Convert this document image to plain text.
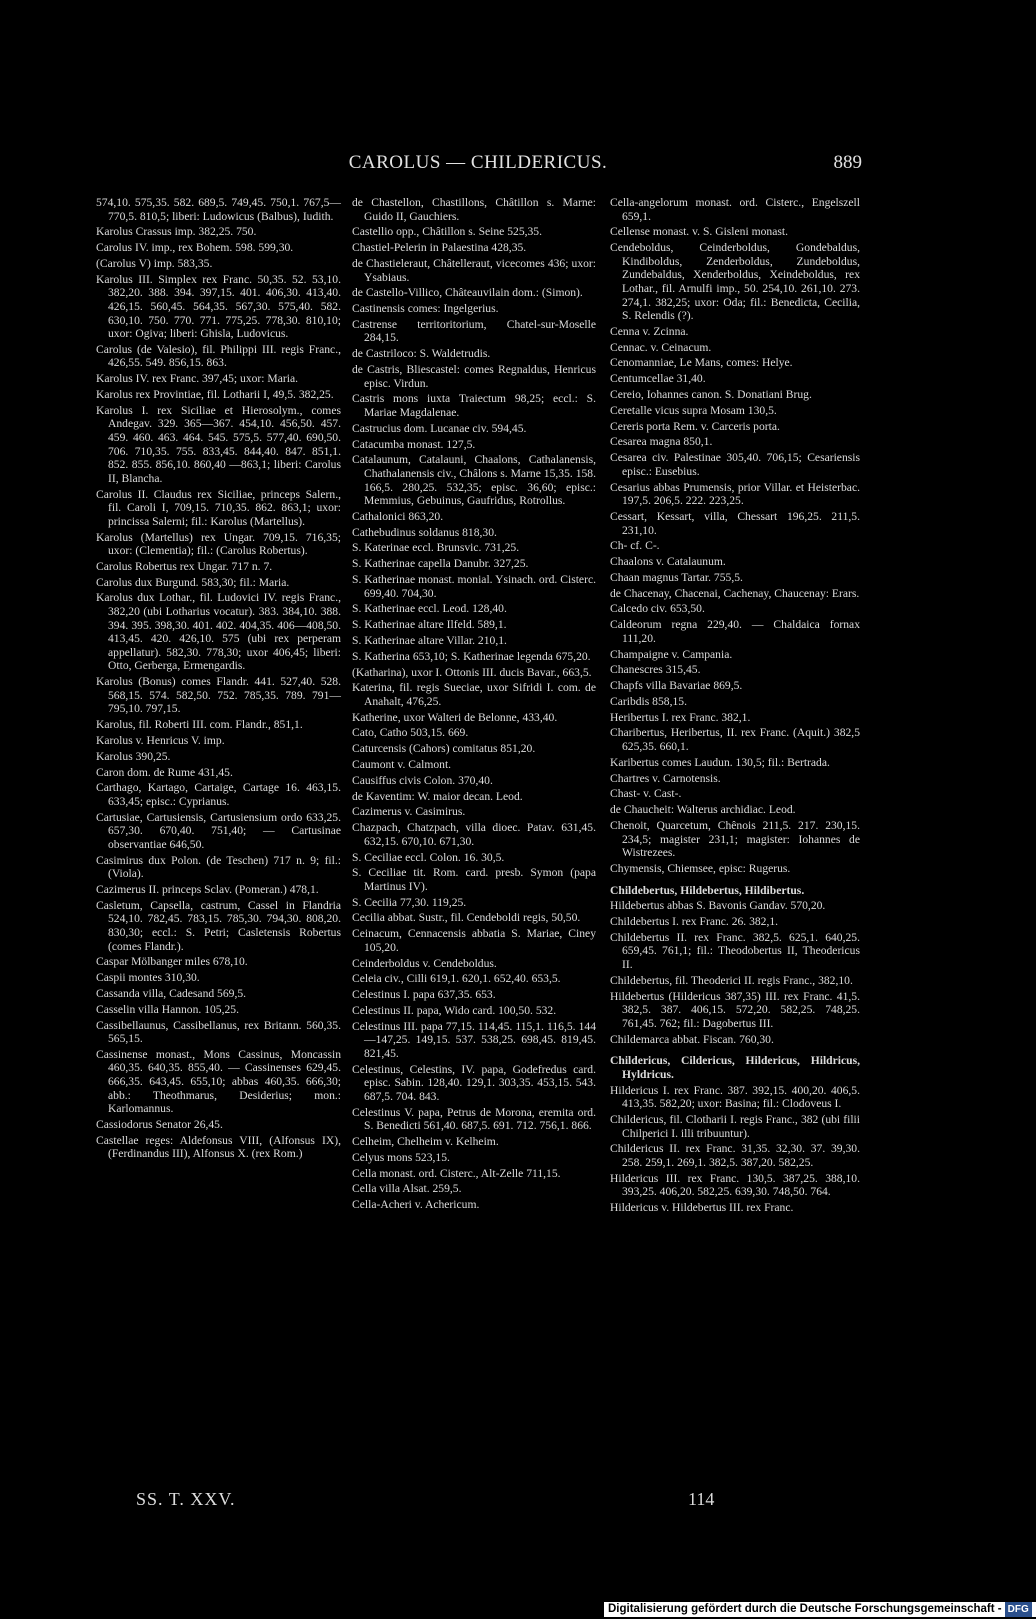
CAROLUS — CHILDERICUS.	889
574,10. 575,35. 582. 689,5. 749,45. 750,1. 767,5—770,5. 810,5; liberi: Ludowicus (Balbus), Iudith.
Karolus Crassus imp. 382,25. 750.
Carolus IV. imp., rex Bohem. 598. 599,30.
(Carolus V) imp. 583,35.
Karolus III. Simplex rex Franc. 50,35. 52. 53,10. 382,20. 388. 394. 397,15. 401. 406,30. 413,40. 426,15. 560,45. 564,35. 567,30. 575,40. 582. 630,10. 750. 770. 771. 775,25. 778,30. 810,10; uxor: Ogiva; liberi: Ghisla, Ludovicus.
Carolus (de Valesio), fil. Philippi III. regis Franc., 426,55. 549. 856,15. 863.
Karolus IV. rex Franc. 397,45; uxor: Maria.
Karolus rex Provintiae, fil. Lotharii I, 49,5. 382,25.
Karolus I. rex Siciliae et Hierosolym., comes Andegav. 329. 365—367. 454,10. 456,50. 457. 459. 460. 463. 464. 545. 575,5. 577,40. 690,50. 706. 710,35. 755. 833,45. 844,40. 847. 851,1. 852. 855. 856,10. 860,40 —863,1; liberi: Carolus II, Blancha.
Carolus II. Claudus rex Siciliae, princeps Salern., fil. Caroli I, 709,15. 710,35. 862. 863,1; uxor: princissa Salerni; fil.: Karolus (Martellus).
Karolus (Martellus) rex Ungar. 709,15. 716,35; uxor: (Clementia); fil.: (Carolus Robertus).
Carolus Robertus rex Ungar. 717 n. 7.
Carolus dux Burgund. 583,30; fil.: Maria.
Karolus dux Lothar., fil. Ludovici IV. regis Franc., 382,20 (ubi Lotharius vocatur). 383. 384,10. 388. 394. 395. 398,30. 401. 402. 404,35. 406—408,50. 413,45. 420. 426,10. 575 (ubi rex perperam appellatur). 582,30. 778,30; uxor 406,45; liberi: Otto, Gerberga, Ermengardis.
Karolus (Bonus) comes Flandr. 441. 527,40. 528. 568,15. 574. 582,50. 752. 785,35. 789. 791—795,10. 797,15.
Karolus, fil. Roberti III. com. Flandr., 851,1.
Karolus v. Henricus V. imp.
Karolus 390,25.
Caron dom. de Rume 431,45.
Carthago, Kartago, Cartaige, Cartage 16. 463,15. 633,45; episc.: Cyprianus.
Cartusiae, Cartusiensis, Cartusiensium ordo 633,25. 657,30. 670,40. 751,40; — Cartusinae observantiae 646,50.
Casimirus dux Polon. (de Teschen) 717 n. 9; fil.: (Viola).
Cazimerus II. princeps Sclav. (Pomeran.) 478,1.
Casletum, Capsella, castrum, Cassel in Flandria 524,10. 782,45. 783,15. 785,30. 794,30. 808,20. 830,30; eccl.: S. Petri; Casletensis Robertus (comes Flandr.).
Caspar Mölbanger miles 678,10.
Caspii montes 310,30.
Cassanda villa, Cadesand 569,5.
Casselin villa Hannon. 105,25.
Cassibellaunus, Cassibellanus, rex Britann. 560,35. 565,15.
Cassinense monast., Mons Cassinus, Moncassin 460,35. 640,35. 855,40. — Cassinenses 629,45. 666,35. 643,45. 655,10; abbas 460,35. 666,30; abb.: Theothmarus, Desiderius; mon.: Karlomannus.
Cassiodorus Senator 26,45.
Castellae reges: Aldefonsus VIII, (Alfonsus IX), (Ferdinandus III), Alfonsus X. (rex Rom.)
de Chastellon, Chastillons, Châtillon s. Marne: Guido II, Gauchiers.
Castellio opp., Châtillon s. Seine 525,35.
Chastiel-Pelerin in Palaestina 428,35.
de Chastieleraut, Châtelleraut, vicecomes 436; uxor: Ysabiaus.
de Castello-Villico, Châteauvilain dom.: (Simon).
Castinensis comes: Ingelgerius.
Castrense territoritorium, Chatel-sur-Moselle 284,15.
de Castriloco: S. Waldetrudis.
de Castris, Bliescastel: comes Regnaldus, Henricus episc. Virdun.
Castris mons iuxta Traiectum 98,25; eccl.: S. Mariae Magdalenae.
Castrucius dom. Lucanae civ. 594,45.
Catacumba monast. 127,5.
Catalaunum, Catalauni, Chaalons, Cathalanensis, Chathalanensis civ., Châlons s. Marne 15,35. 158. 166,5. 280,25. 532,35; episc. 36,60; episc.: Memmius, Gebuinus, Gaufridus, Rotrollus.
Cathalonici 863,20.
Cathebudinus soldanus 818,30.
S. Katerinae eccl. Brunsvic. 731,25.
S. Katherinae capella Danubr. 327,25.
S. Katherinae monast. monial. Ysinach. ord. Cisterc. 699,40. 704,30.
S. Katherinae eccl. Leod. 128,40.
S. Katherinae altare Ilfeld. 589,1.
S. Katherinae altare Villar. 210,1.
S. Katherina 653,10; S. Katherinae legenda 675,20.
(Katharina), uxor I. Ottonis III. ducis Bavar., 663,5.
Katerina, fil. regis Sueciae, uxor Sifridi I. com. de Anahalt, 476,25.
Katherine, uxor Walteri de Belonne, 433,40.
Cato, Catho 503,15. 669.
Caturcensis (Cahors) comitatus 851,20.
Caumont v. Calmont.
Causiffus civis Colon. 370,40.
de Kaventim: W. maior decan. Leod.
Cazimerus v. Casimirus.
Chazpach, Chatzpach, villa dioec. Patav. 631,45. 632,15. 670,10. 671,30.
S. Ceciliae eccl. Colon. 16. 30,5.
S. Ceciliae tit. Rom. card. presb. Symon (papa Martinus IV).
S. Cecilia 77,30. 119,25.
Cecilia abbat. Sustr., fil. Cendeboldi regis, 50,50.
Ceinacum, Cennacensis abbatia S. Mariae, Ciney 105,20.
Ceinderboldus v. Cendeboldus.
Celeia civ., Cilli 619,1. 620,1. 652,40. 653,5.
Celestinus I. papa 637,35. 653.
Celestinus II. papa, Wido card. 100,50. 532.
Celestinus III. papa 77,15. 114,45. 115,1. 116,5. 144—147,25. 149,15. 537. 538,25. 698,45. 819,45. 821,45.
Celestinus, Celestins, IV. papa, Godefredus card. episc. Sabin. 128,40. 129,1. 303,35. 453,15. 543. 687,5. 704. 843.
Celestinus V. papa, Petrus de Morona, eremita ord. S. Benedicti 561,40. 687,5. 691. 712. 756,1. 866.
Celheim, Chelheim v. Kelheim.
Celyus mons 523,15.
Cella monast. ord. Cisterc., Alt-Zelle 711,15.
Cella villa Alsat. 259,5.
Cella-Acheri v. Achericum.
Cella-angelorum monast. ord. Cisterc., Engelszell 659,1.
Cellense monast. v. S. Gisleni monast.
Cendeboldus, Ceinderboldus, Gondebaldus, Kindiboldus, Zenderboldus, Zundeboldus, Zundebaldus, Xenderboldus, Xeindeboldus, rex Lothar., fil. Arnulfi imp., 50. 254,10. 261,10. 273. 274,1. 382,25; uxor: Oda; fil.: Benedicta, Cecilia, S. Relendis (?).
Cenna v. Zcinna.
Cennac. v. Ceinacum.
Cenomanniae, Le Mans, comes: Helye.
Centumcellae 31,40.
Cereio, Iohannes canon. S. Donatiani Brug.
Ceretalle vicus supra Mosam 130,5.
Cereris porta Rem. v. Carceris porta.
Cesarea magna 850,1.
Cesarea civ. Palestinae 305,40. 706,15; Cesariensis episc.: Eusebius.
Cesarius abbas Prumensis, prior Villar. et Heisterbac. 197,5. 206,5. 222. 223,25.
Cessart, Kessart, villa, Chessart 196,25. 211,5. 231,10.
Ch- cf. C-.
Chaalons v. Catalaunum.
Chaan magnus Tartar. 755,5.
de Chacenay, Chacenai, Cachenay, Chaucenay: Erars.
Calcedo civ. 653,50.
Caldeorum regna 229,40. — Chaldaica fornax 111,20.
Champaigne v. Campania.
Chanescres 315,45.
Chapfs villa Bavariae 869,5.
Caribdis 858,15.
Heribertus I. rex Franc. 382,1.
Charibertus, Heribertus, II. rex Franc. (Aquit.) 382,5 625,35. 660,1.
Karibertus comes Laudun. 130,5; fil.: Bertrada.
Chartres v. Carnotensis.
Chast- v. Cast-.
de Chaucheit: Walterus archidiac. Leod.
Chenoit, Quarcetum, Chênois 211,5. 217. 230,15. 234,5; magister 231,1; magister: Iohannes de Wistrezees.
Chymensis, Chiemsee, episc: Rugerus.
Childebertus, Hildebertus, Hildibertus.
Hildebertus abbas S. Bavonis Gandav. 570,20.
Childebertus I. rex Franc. 26. 382,1.
Childebertus II. rex Franc. 382,5. 625,1. 640,25. 659,45. 761,1; fil.: Theodobertus II, Theodericus II.
Childebertus, fil. Theoderici II. regis Franc., 382,10.
Hildebertus (Hildericus 387,35) III. rex Franc. 41,5. 382,5. 387. 406,15. 572,20. 582,25. 748,25. 761,45. 762; fil.: Dagobertus III.
Childemarca abbat. Fiscan. 760,30.
Childericus, Cildericus, Hildericus, Hildricus, Hyldricus.
Hildericus I. rex Franc. 387. 392,15. 400,20. 406,5. 413,35. 582,20; uxor: Basina; fil.: Clodoveus I.
Childericus, fil. Clotharii I. regis Franc., 382 (ubi filii Chilperici I. illi tribuuntur).
Childericus II. rex Franc. 31,35. 32,30. 37. 39,30. 258. 259,1. 269,1. 382,5. 387,20. 582,25.
Hildericus III. rex Franc. 130,5. 387,25. 388,10. 393,25. 406,20. 582,25. 639,30. 748,50. 764.
Hildericus v. Hildebertus III. rex Franc.
SS. T. XXV.	114
Digitalisierung gefördert durch die Deutsche Forschungsgemeinschaft - DFG
